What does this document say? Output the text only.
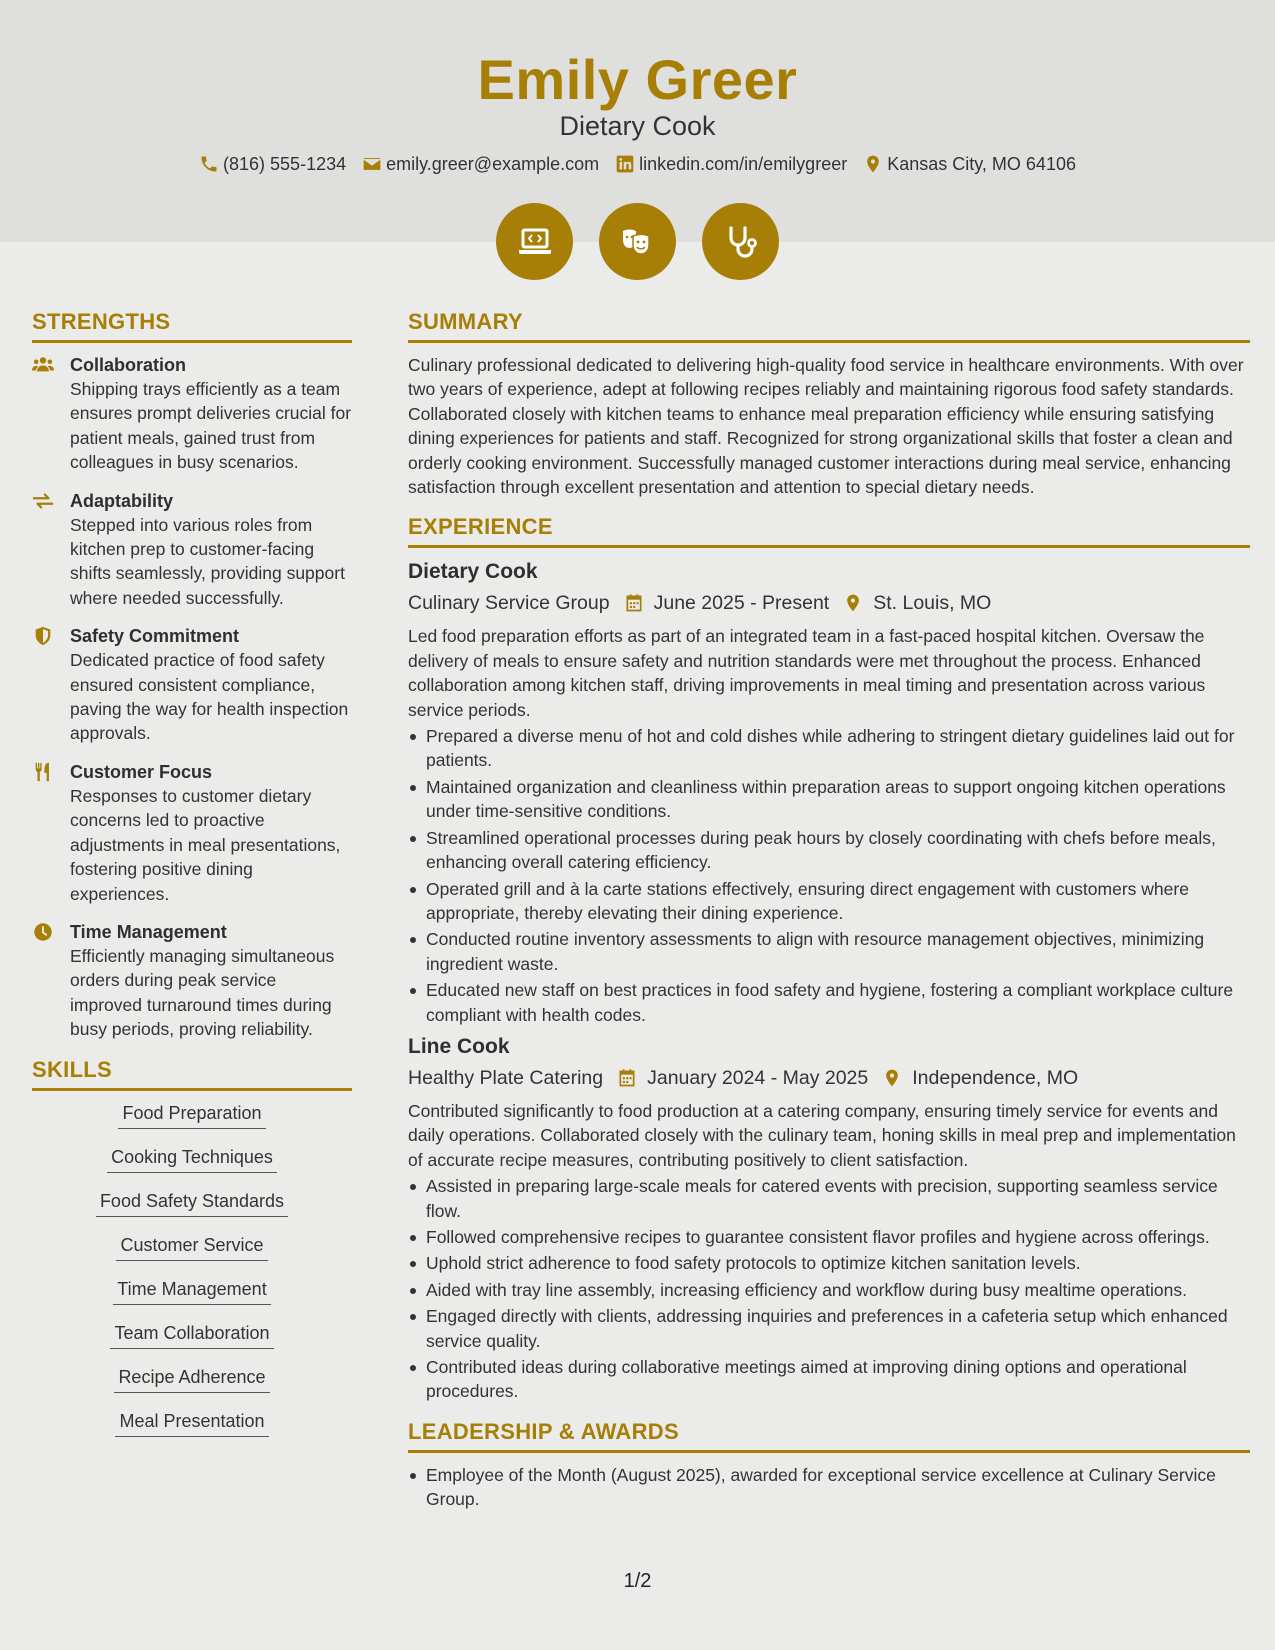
Emily Greer
Dietary Cook
(816) 555-1234 emily.greer@example.com linkedin.com/in/emilygreer Kansas City, MO 64106
STRENGTHS
Collaboration
Shipping trays efficiently as a team ensures prompt deliveries crucial for patient meals, gained trust from colleagues in busy scenarios.
Adaptability
Stepped into various roles from kitchen prep to customer-facing shifts seamlessly, providing support where needed successfully.
Safety Commitment
Dedicated practice of food safety ensured consistent compliance, paving the way for health inspection approvals.
Customer Focus
Responses to customer dietary concerns led to proactive adjustments in meal presentations, fostering positive dining experiences.
Time Management
Efficiently managing simultaneous orders during peak service improved turnaround times during busy periods, proving reliability.
SKILLS
Food Preparation
Cooking Techniques
Food Safety Standards
Customer Service
Time Management
Team Collaboration
Recipe Adherence
Meal Presentation
SUMMARY
Culinary professional dedicated to delivering high-quality food service in healthcare environments. With over two years of experience, adept at following recipes reliably and maintaining rigorous food safety standards. Collaborated closely with kitchen teams to enhance meal preparation efficiency while ensuring satisfying dining experiences for patients and staff. Recognized for strong organizational skills that foster a clean and orderly cooking environment. Successfully managed customer interactions during meal service, enhancing satisfaction through excellent presentation and attention to special dietary needs.
EXPERIENCE
Dietary Cook
Culinary Service Group June 2025 - Present St. Louis, MO
Led food preparation efforts as part of an integrated team in a fast-paced hospital kitchen. Oversaw the delivery of meals to ensure safety and nutrition standards were met throughout the process. Enhanced collaboration among kitchen staff, driving improvements in meal timing and presentation across various service periods.
Prepared a diverse menu of hot and cold dishes while adhering to stringent dietary guidelines laid out for patients.
Maintained organization and cleanliness within preparation areas to support ongoing kitchen operations under time-sensitive conditions.
Streamlined operational processes during peak hours by closely coordinating with chefs before meals, enhancing overall catering efficiency.
Operated grill and à la carte stations effectively, ensuring direct engagement with customers where appropriate, thereby elevating their dining experience.
Conducted routine inventory assessments to align with resource management objectives, minimizing ingredient waste.
Educated new staff on best practices in food safety and hygiene, fostering a compliant workplace culture compliant with health codes.
Line Cook
Healthy Plate Catering January 2024 - May 2025 Independence, MO
Contributed significantly to food production at a catering company, ensuring timely service for events and daily operations. Collaborated closely with the culinary team, honing skills in meal prep and implementation of accurate recipe measures, contributing positively to client satisfaction.
Assisted in preparing large-scale meals for catered events with precision, supporting seamless service flow.
Followed comprehensive recipes to guarantee consistent flavor profiles and hygiene across offerings.
Uphold strict adherence to food safety protocols to optimize kitchen sanitation levels.
Aided with tray line assembly, increasing efficiency and workflow during busy mealtime operations.
Engaged directly with clients, addressing inquiries and preferences in a cafeteria setup which enhanced service quality.
Contributed ideas during collaborative meetings aimed at improving dining options and operational procedures.
LEADERSHIP & AWARDS
Employee of the Month (August 2025), awarded for exceptional service excellence at Culinary Service Group.
1/2
